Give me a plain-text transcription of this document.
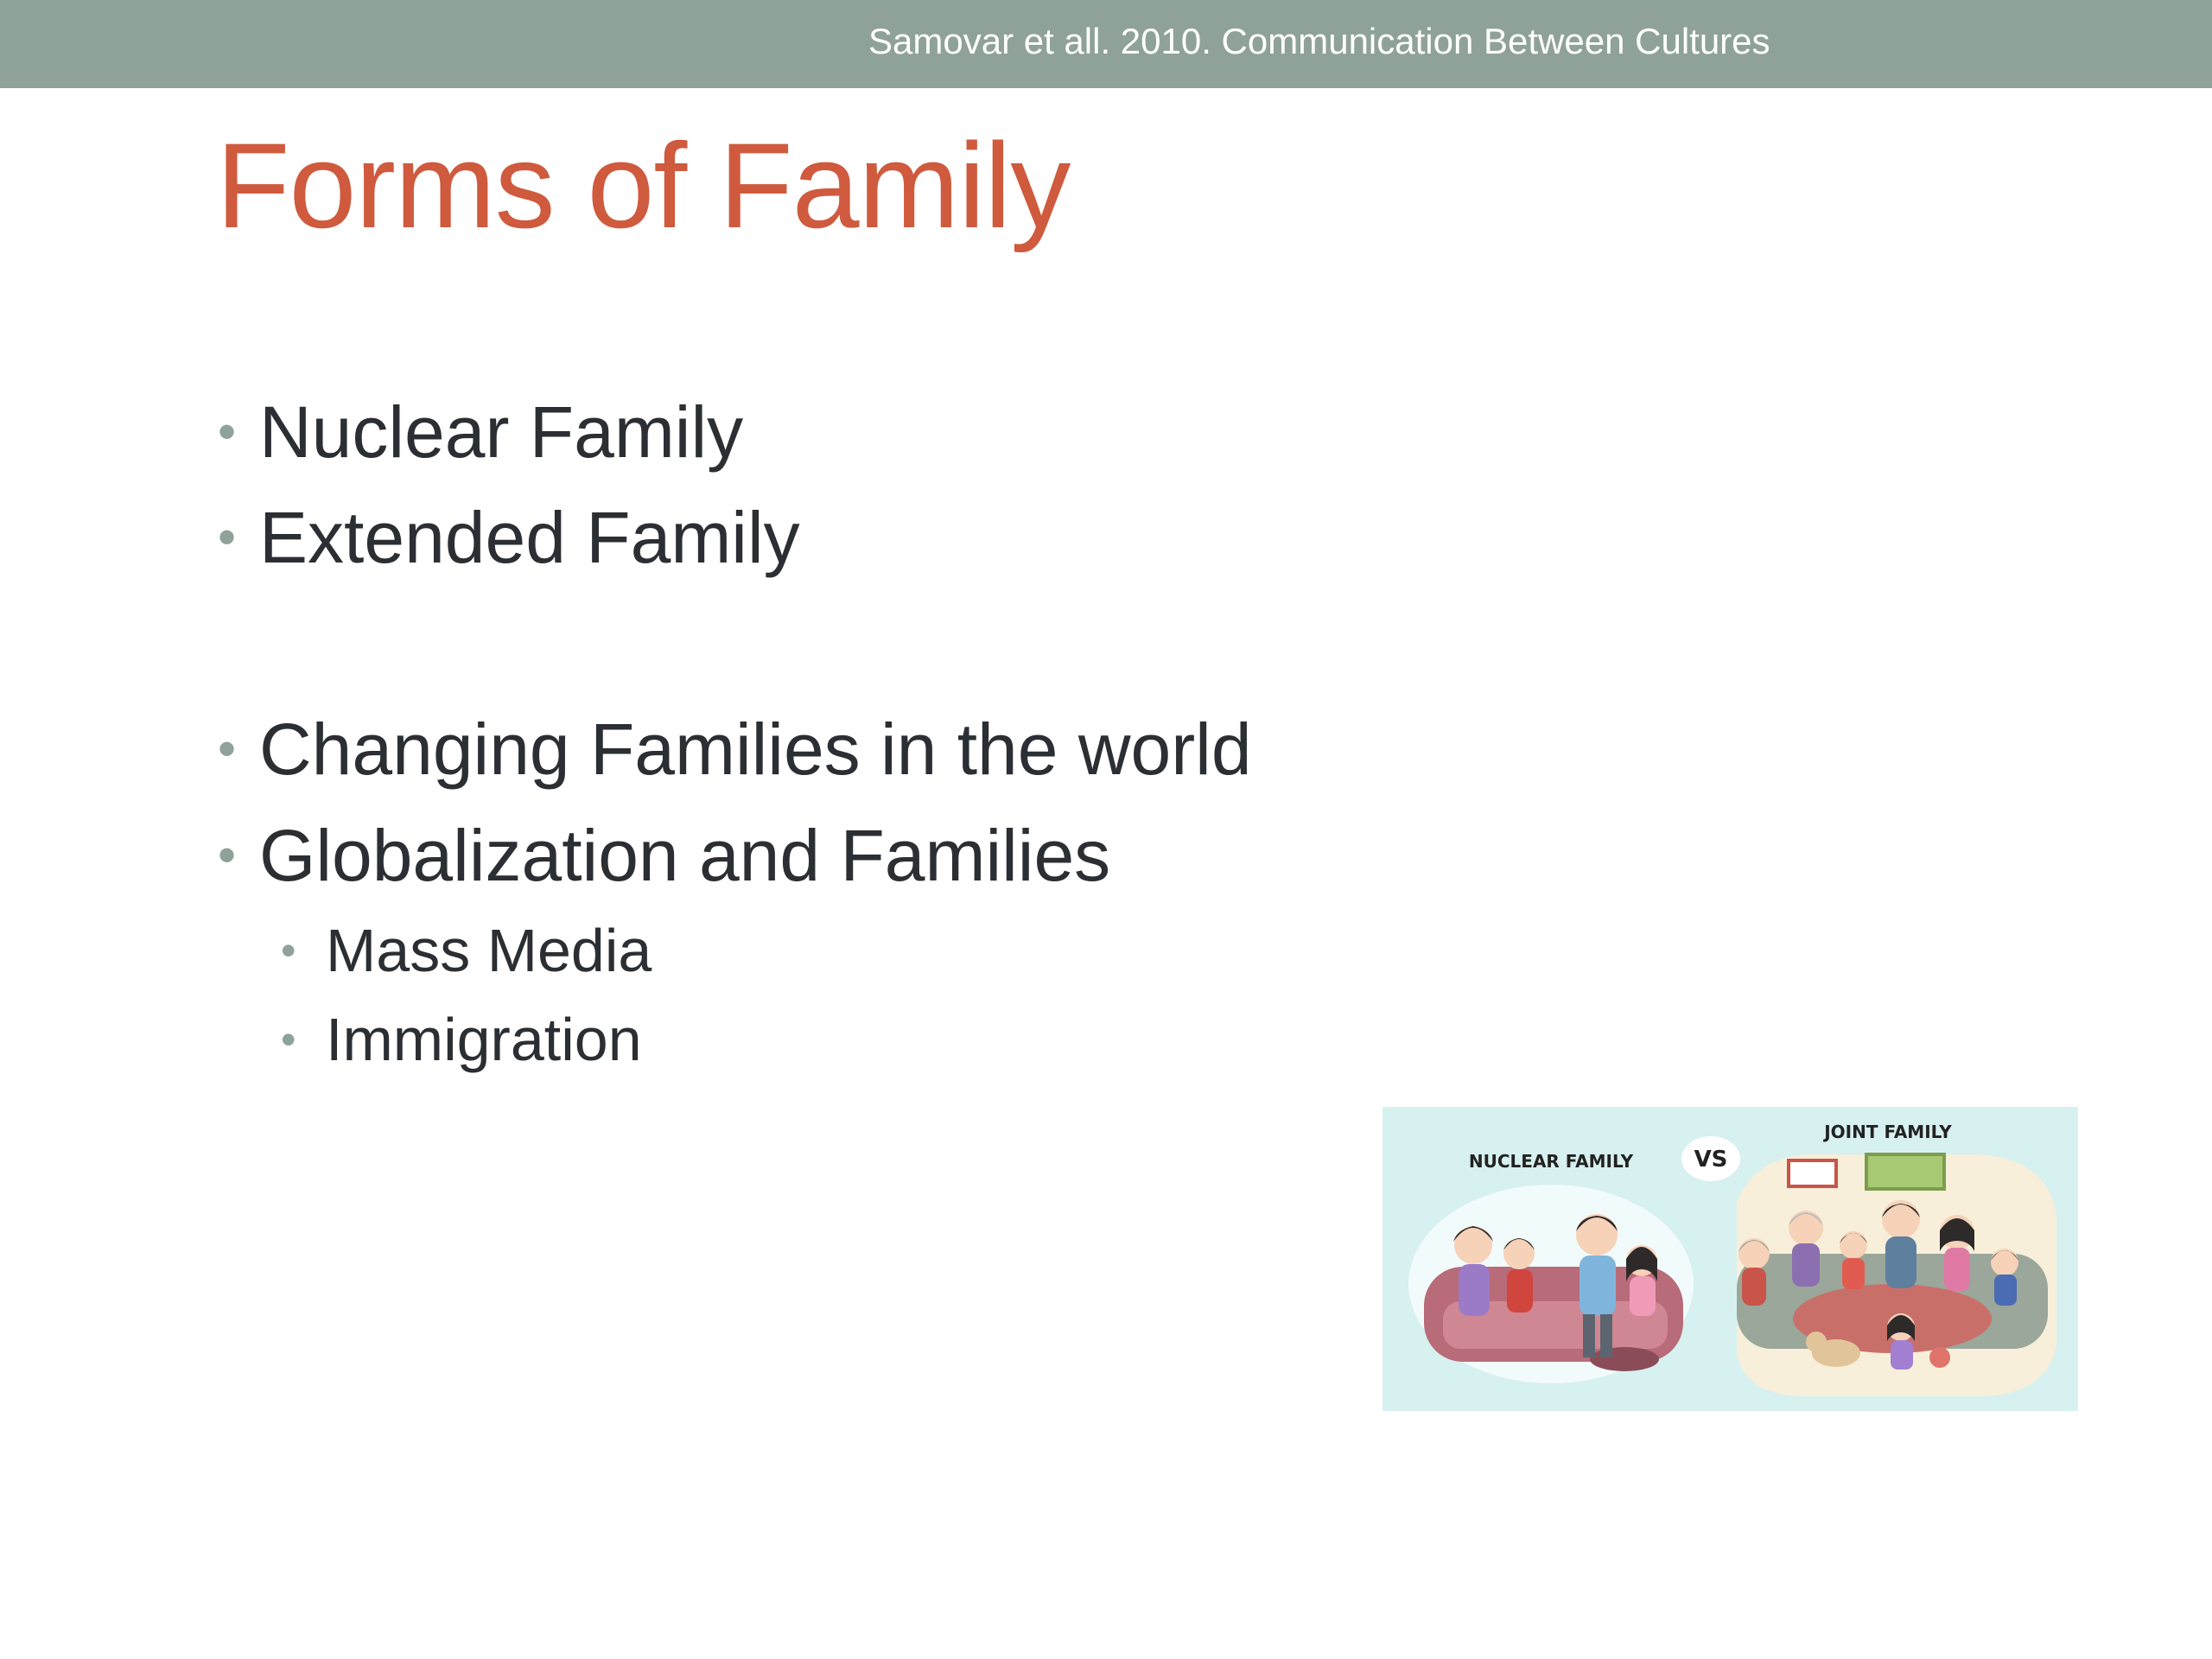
Samovar et all. 2010. Communication Between Cultures
Forms of Family
• Nuclear Family
• Extended Family
• Changing Families in the world
• Globalization and Families
• Mass Media
• Immigration
NUCLEAR FAMILY	VS
JOINT FAMILY
